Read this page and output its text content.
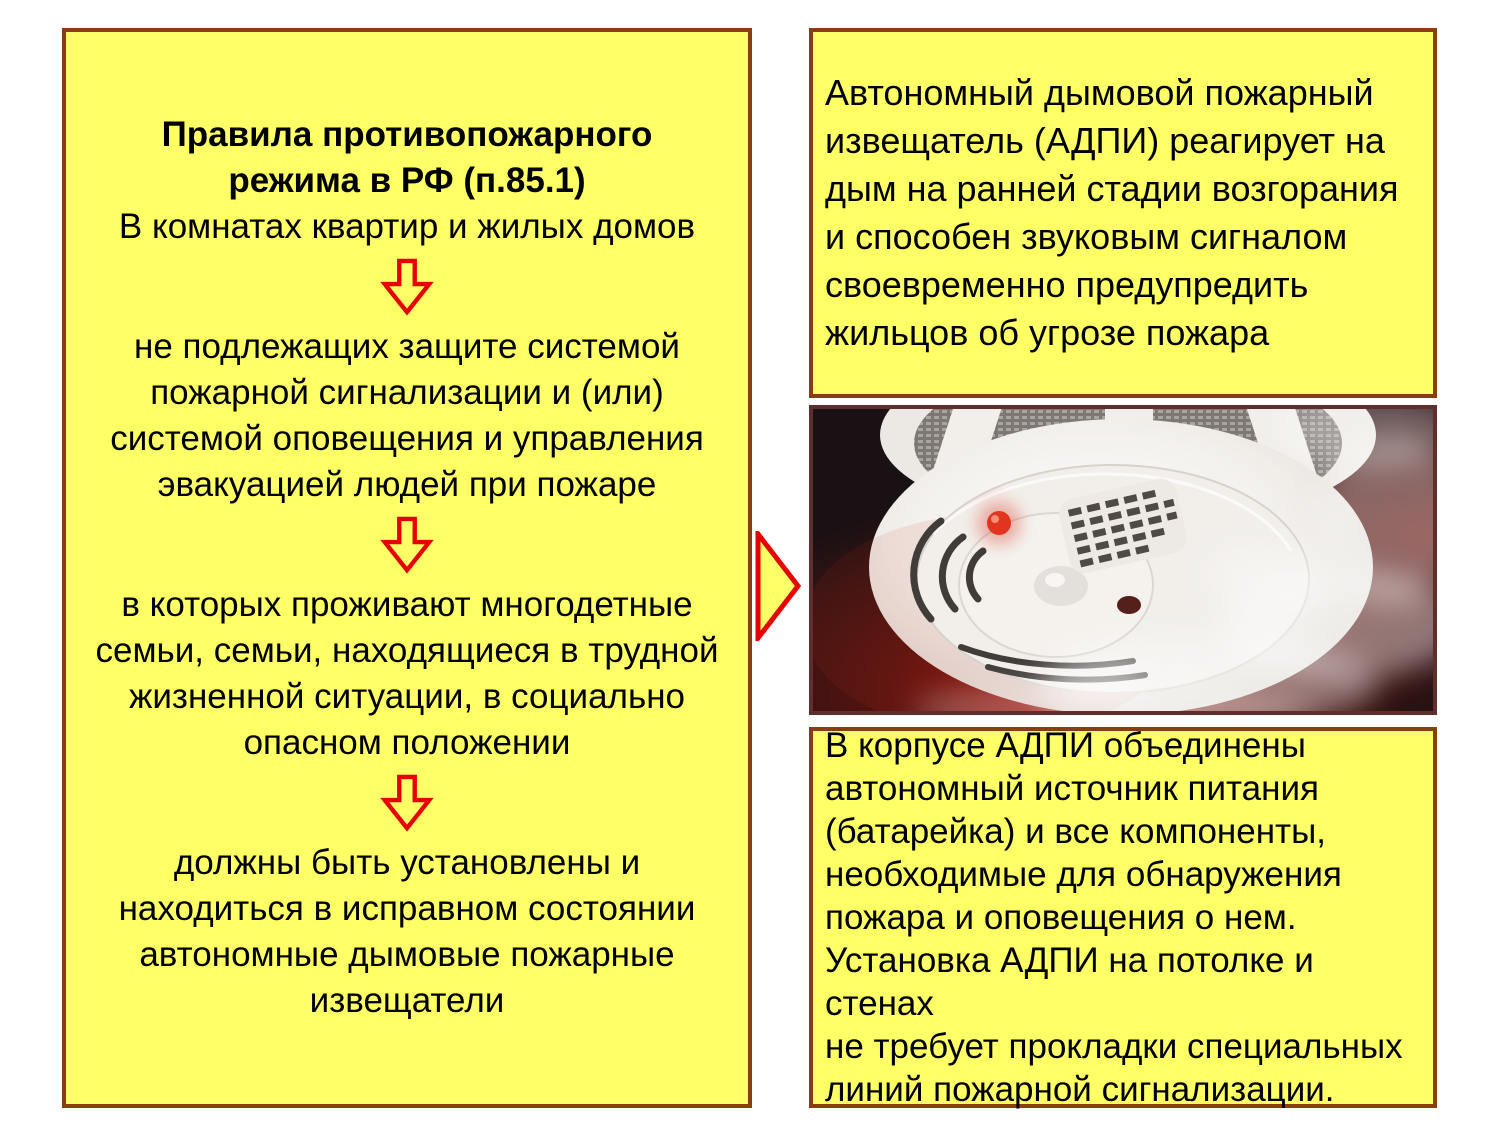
Правила противопожарного
режима в РФ (п.85.1)

В комнатах квартир и жилых домов

не подлежащих защите системой
пожарной сигнализации и (или)
системой оповещения и управления
эвакуацией людей при пожаре

в которых проживают многодетные
семьи, семьи, находящиеся в трудной
жизненной ситуации, в социально
опасном положении

должны быть установлены и
находиться в исправном состоянии
автономные дымовые пожарные
извещатели

Автономный дымовой пожарный
извещатель (АДПИ) реагирует на
дым на ранней стадии возгорания
и способен звуковым сигналом
своевременно предупредить
жильцов об угрозе пожара

В корпусе АДПИ объединены
автономный источник питания
(батарейка) и все компоненты,
необходимые для обнаружения
пожара и оповещения о нем.
Установка АДПИ на потолке и стенах
не требует прокладки специальных
линий пожарной сигнализации.
